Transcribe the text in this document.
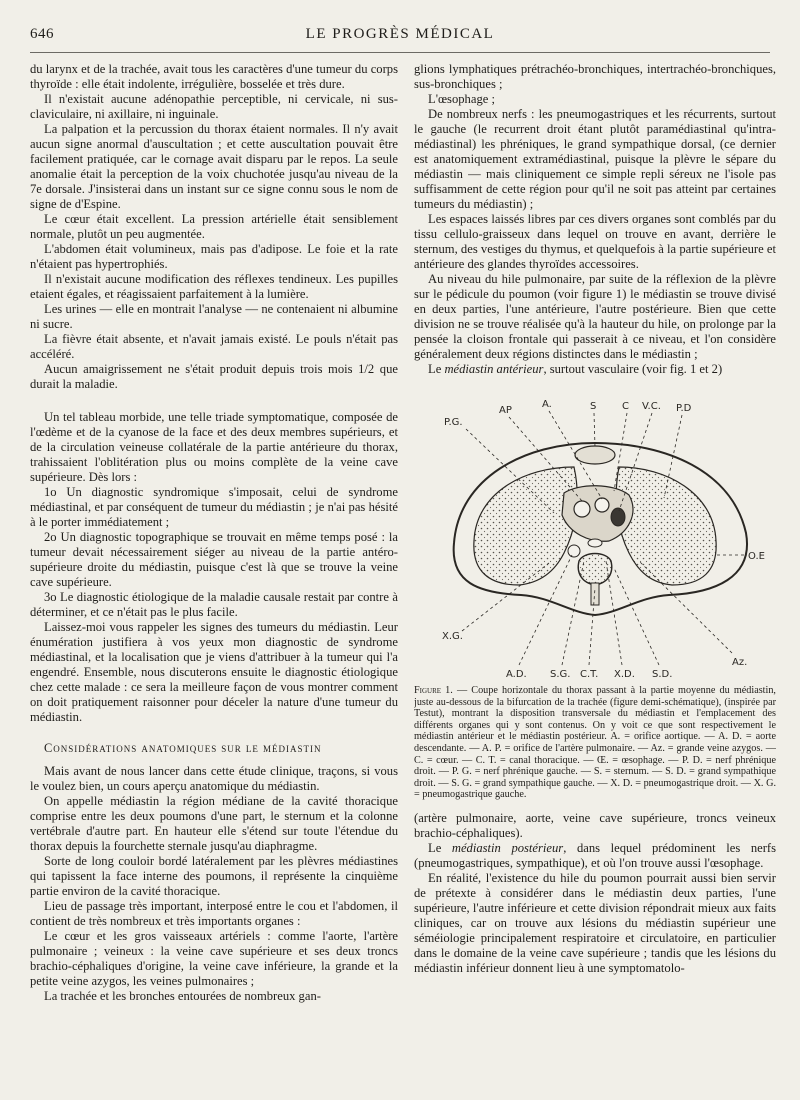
646	LE PROGRÈS MÉDICAL

du larynx et de la trachée, avait tous les caractères d'une tumeur du corps thyroïde : elle était indolente, irrégulière, bosselée et très dure.

Il n'existait aucune adénopathie perceptible, ni cervicale, ni sus-claviculaire, ni axillaire, ni inguinale.

La palpation et la percussion du thorax étaient normales. Il n'y avait aucun signe anormal d'auscultation ; et cette auscultation pouvait être facilement pratiquée, car le cornage avait disparu par le repos. La seule anomalie était la perception de la voix chuchotée jusqu'au niveau de la 7e dorsale. J'insisterai dans un instant sur ce signe connu sous le nom de signe de d'Espine.

Le cœur était excellent. La pression artérielle était sensiblement normale, plutôt un peu augmentée.

L'abdomen était volumineux, mais pas d'adipose. Le foie et la rate n'étaient pas hypertrophiés.

Il n'existait aucune modification des réflexes tendineux. Les pupilles etaient égales, et réagissaient parfaitement à la lumière.

Les urines — elle en montrait l'analyse — ne contenaient ni albumine ni sucre.

La fièvre était absente, et n'avait jamais existé. Le pouls n'était pas accéléré.

Aucun amaigrissement ne s'était produit depuis trois mois 1/2 que durait la maladie.

Un tel tableau morbide, une telle triade symptomatique, composée de l'œdème et de la cyanose de la face et des deux membres supérieurs, et de la circulation veineuse collatérale de la partie antérieure du thorax, trahissaient l'oblitération plus ou moins complète de la veine cave supérieure. Dès lors :

1o Un diagnostic syndromique s'imposait, celui de syndrome médiastinal, et par conséquent de tumeur du médiastin ; je n'ai pas hésité à le porter immédiatement ;

2o Un diagnostic topographique se trouvait en même temps posé : la tumeur devait nécessairement siéger au niveau de la partie antéro-supérieure droite du médiastin, puisque c'est là que se trouve la veine cave supérieure.

3o Le diagnostic étiologique de la maladie causale restait par contre à déterminer, et ce n'était pas le plus facile.

Laissez-moi vous rappeler les signes des tumeurs du médiastin. Leur énumération justifiera à vos yeux mon diagnostic de syndrome médiastinal, et la localisation que je viens d'attribuer à la tumeur qui l'a engendré. Ensemble, nous discuterons ensuite le diagnostic étiologique chez cette malade : ce sera la meilleure façon de vous montrer comment on doit pratiquement raisonner pour déceler la nature d'une tumeur du médiastin.

Considérations anatomiques sur le médiastin

Mais avant de nous lancer dans cette étude clinique, traçons, si vous le voulez bien, un cours aperçu anatomique du médiastin.

On appelle médiastin la région médiane de la cavité thoracique comprise entre les deux poumons d'une part, le sternum et la colonne vertébrale d'autre part. En hauteur elle s'étend sur toute l'étendue du thorax depuis la fourchette sternale jusqu'au diaphragme.

Sorte de long couloir bordé latéralement par les plèvres médiastines qui tapissent la face interne des poumons, il représente la cinquième partie environ de la cavité thoracique.

Lieu de passage très important, interposé entre le cou et l'abdomen, il contient de très nombreux et très importants organes :

Le cœur et les gros vaisseaux artériels : comme l'aorte, l'artère pulmonaire ; veineux : la veine cave supérieure et ses deux troncs brachio-céphaliques d'origine, la veine cave inférieure, la grande et la petite veine azygos, les veines pulmonaires ;

La trachée et les bronches entourées de nombreux gan-

glions lymphatiques prétrachéo-bronchiques, intertrachéo-bronchiques, sus-bronchiques ;

L'œsophage ;

De nombreux nerfs : les pneumogastriques et les récurrents, surtout le gauche (le recurrent droit étant plutôt paramédiastinal qu'intra-médiastinal) les phréniques, le grand sympathique dorsal, (ce dernier est anatomiquement extramédiastinal, puisque la plèvre le sépare du médiastin — mais cliniquement ce simple repli séreux ne l'isole pas suffisamment de cette région pour qu'il ne soit pas atteint par certaines tumeurs du médiastin) ;

Les espaces laissés libres par ces divers organes sont comblés par du tissu cellulo-graisseux dans lequel on trouve en avant, derrière le sternum, des vestiges du thymus, et quelquefois à la partie supérieure et antérieure des glandes thyroïdes accessoires.

Au niveau du hile pulmonaire, par suite de la réflexion de la plèvre sur le pédicule du poumon (voir figure 1) le médiastin se trouve divisé en deux parties, l'une antérieure, l'autre postérieure. Bien que cette division ne se trouve réalisée qu'à la hauteur du hile, on prolonge par la pensée la cloison frontale qui passerait à ce niveau, et l'on considère généralement deux régions distinctes dans le médiastin ;

Le médiastin antérieur, surtout vasculaire (voir fig. 1 et 2)

AP
A.	S	C V.C. P.D
P.G.
O.E
X.G.
Az.
A.D. S.G. C.T. X.D. S.D.
Figure 1. — Coupe horizontale du thorax passant à la partie moyenne du médiastin, juste au-dessous de la bifurcation de la trachée (figure demi-schématique), (inspirée par Testut), montrant la disposition transversale du médiastin et l'emplacement des différents organes qui y sont contenus. On y voit ce que sont respectivement le médiastin antérieur et le médiastin postérieur. A. = orifice aortique. — A. D. = aorte descendante. — A. P. = orifice de l'artère pulmonaire. — Az. = grande veine azygos. — C. = cœur. — C. T. = canal thoracique. — Œ. = œsophage. — P. D. = nerf phrénique droit. — P. G. = nerf phrénique gauche. — S. = sternum. — S. D. = grand sympathique droit. — S. G. = grand sympathique gauche. — X. D. = pneumogastrique droit. — X. G. = pneumogastrique gauche.

(artère pulmonaire, aorte, veine cave supérieure, troncs veineux brachio-céphaliques).

Le médiastin postérieur, dans lequel prédominent les nerfs (pneumogastriques, sympathique), et où l'on trouve aussi l'œsophage.

En réalité, l'existence du hile du poumon pourrait aussi bien servir de prétexte à considérer dans le médiastin deux parties, l'une supérieure, l'autre inférieure et cette division répondrait mieux aux faits cliniques, car on trouve aux lésions du médiastin supérieur une séméiologie principalement respiratoire et circulatoire, en particulier dans le domaine de la veine cave supérieure ; tandis que les lésions du médiastin inférieur donnent lieu à une symptomatolo-
